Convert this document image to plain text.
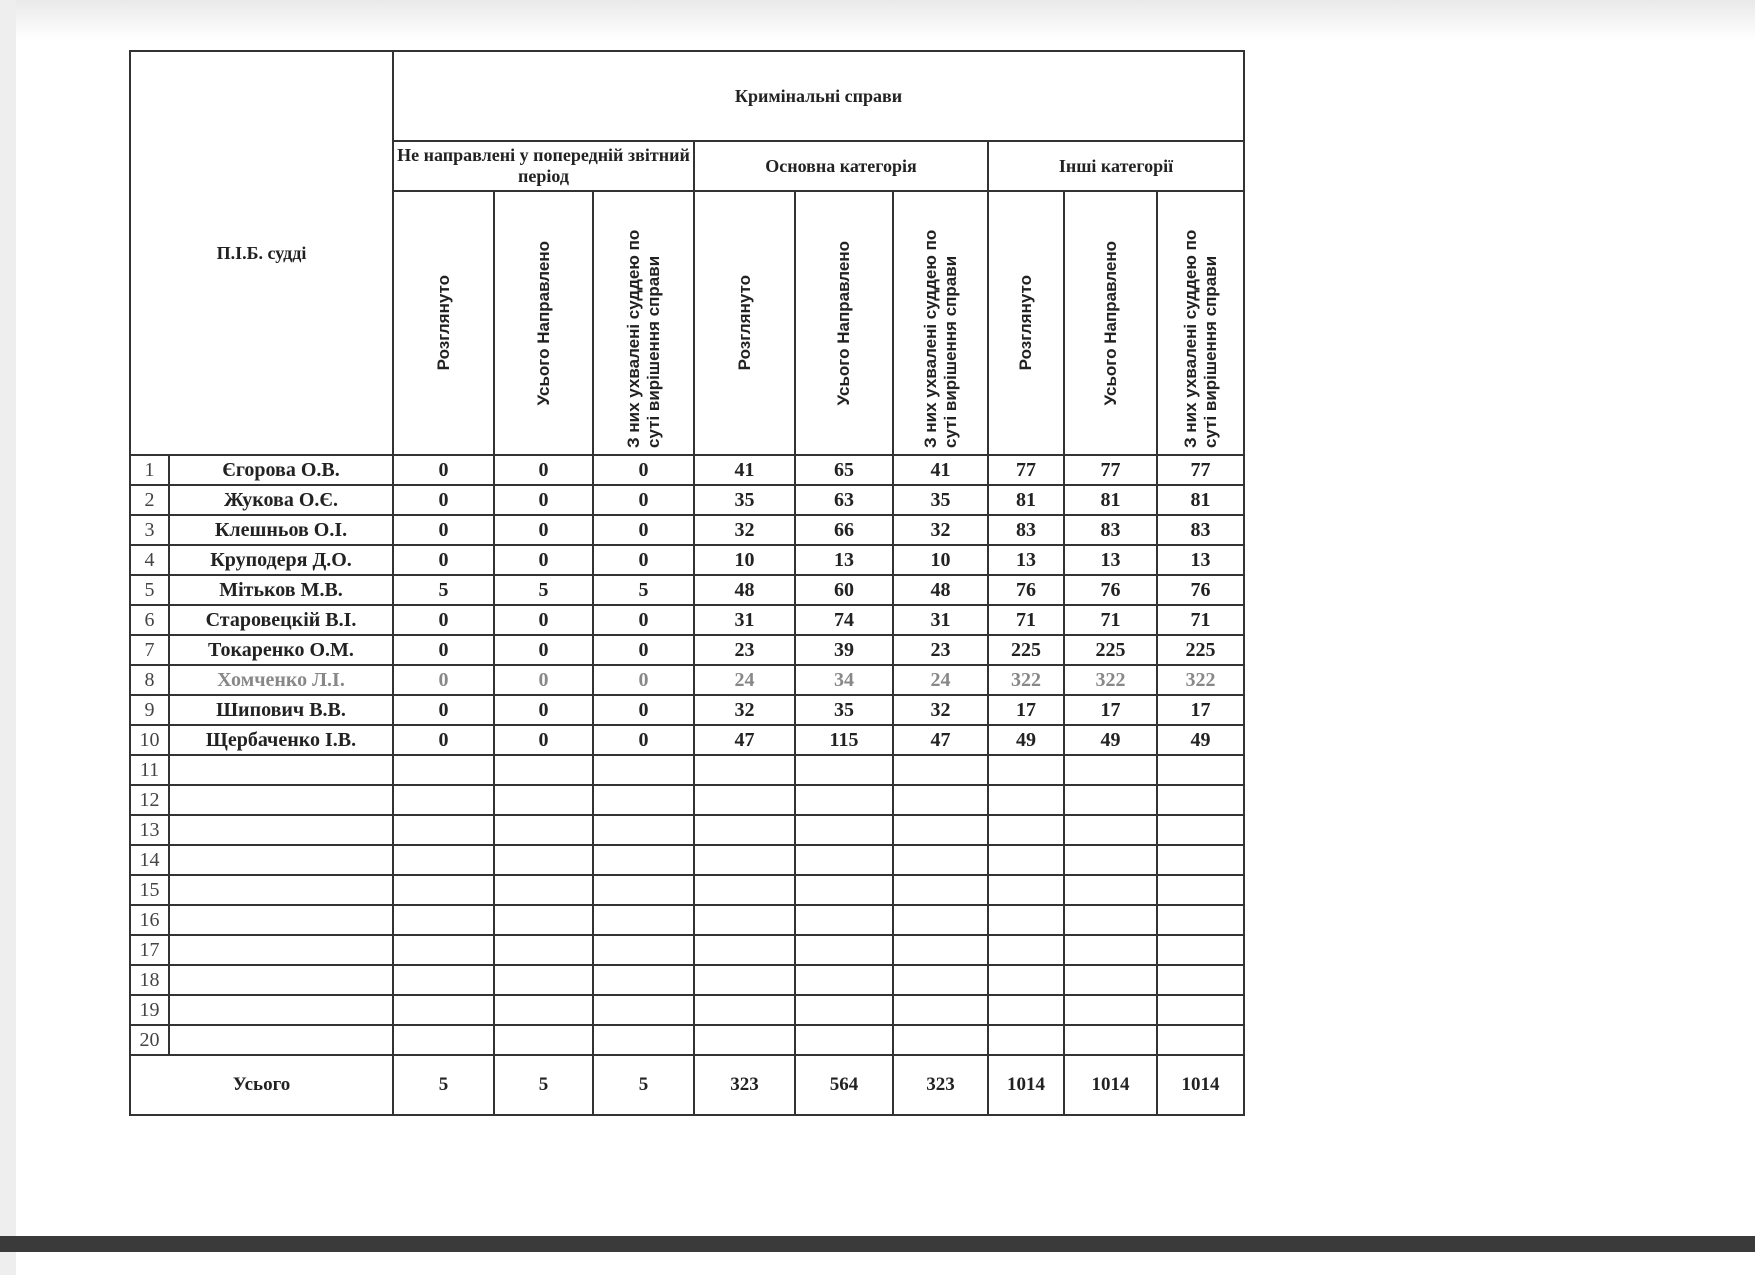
П.І.Б. судді		Кримінальні справи								
		Не направлені у попередній звітний період			Основна категорія			Інші категорії		

		Розглянуто	Усього Направлено	З них ухвалені суддею по суті вирішення справи	Розглянуто	Усього Направлено	З них ухвалені суддею по суті вирішення справи	Розглянуто	Усього Направлено	З них ухвалені суддею по суті вирішення справи

1	Єгорова О.В.	0	0	0	41	65	41	77	77	77
2	Жукова О.Є.	0	0	0	35	63	35	81	81	81
3	Клешньов О.І.	0	0	0	32	66	32	83	83	83
4	Круподеря Д.О.	0	0	0	10	13	10	13	13	13
5	Мітьков М.В.	5	5	5	48	60	48	76	76	76
6	Старовецкій В.І.	0	0	0	31	74	31	71	71	71
7	Токаренко О.М.	0	0	0	23	39	23	225	225	225
8	Хомченко Л.І.	0	0	0	24	34	24	322	322	322
9	Шипович В.В.	0	0	0	32	35	32	17	17	17
10	Щербаченко І.В.	0	0	0	47	115	47	49	49	49
11										
12										
13										
14										
15										
16										
17										
18										
19										
20										
Усього		5	5	5	323	564	323	1014	1014	1014
